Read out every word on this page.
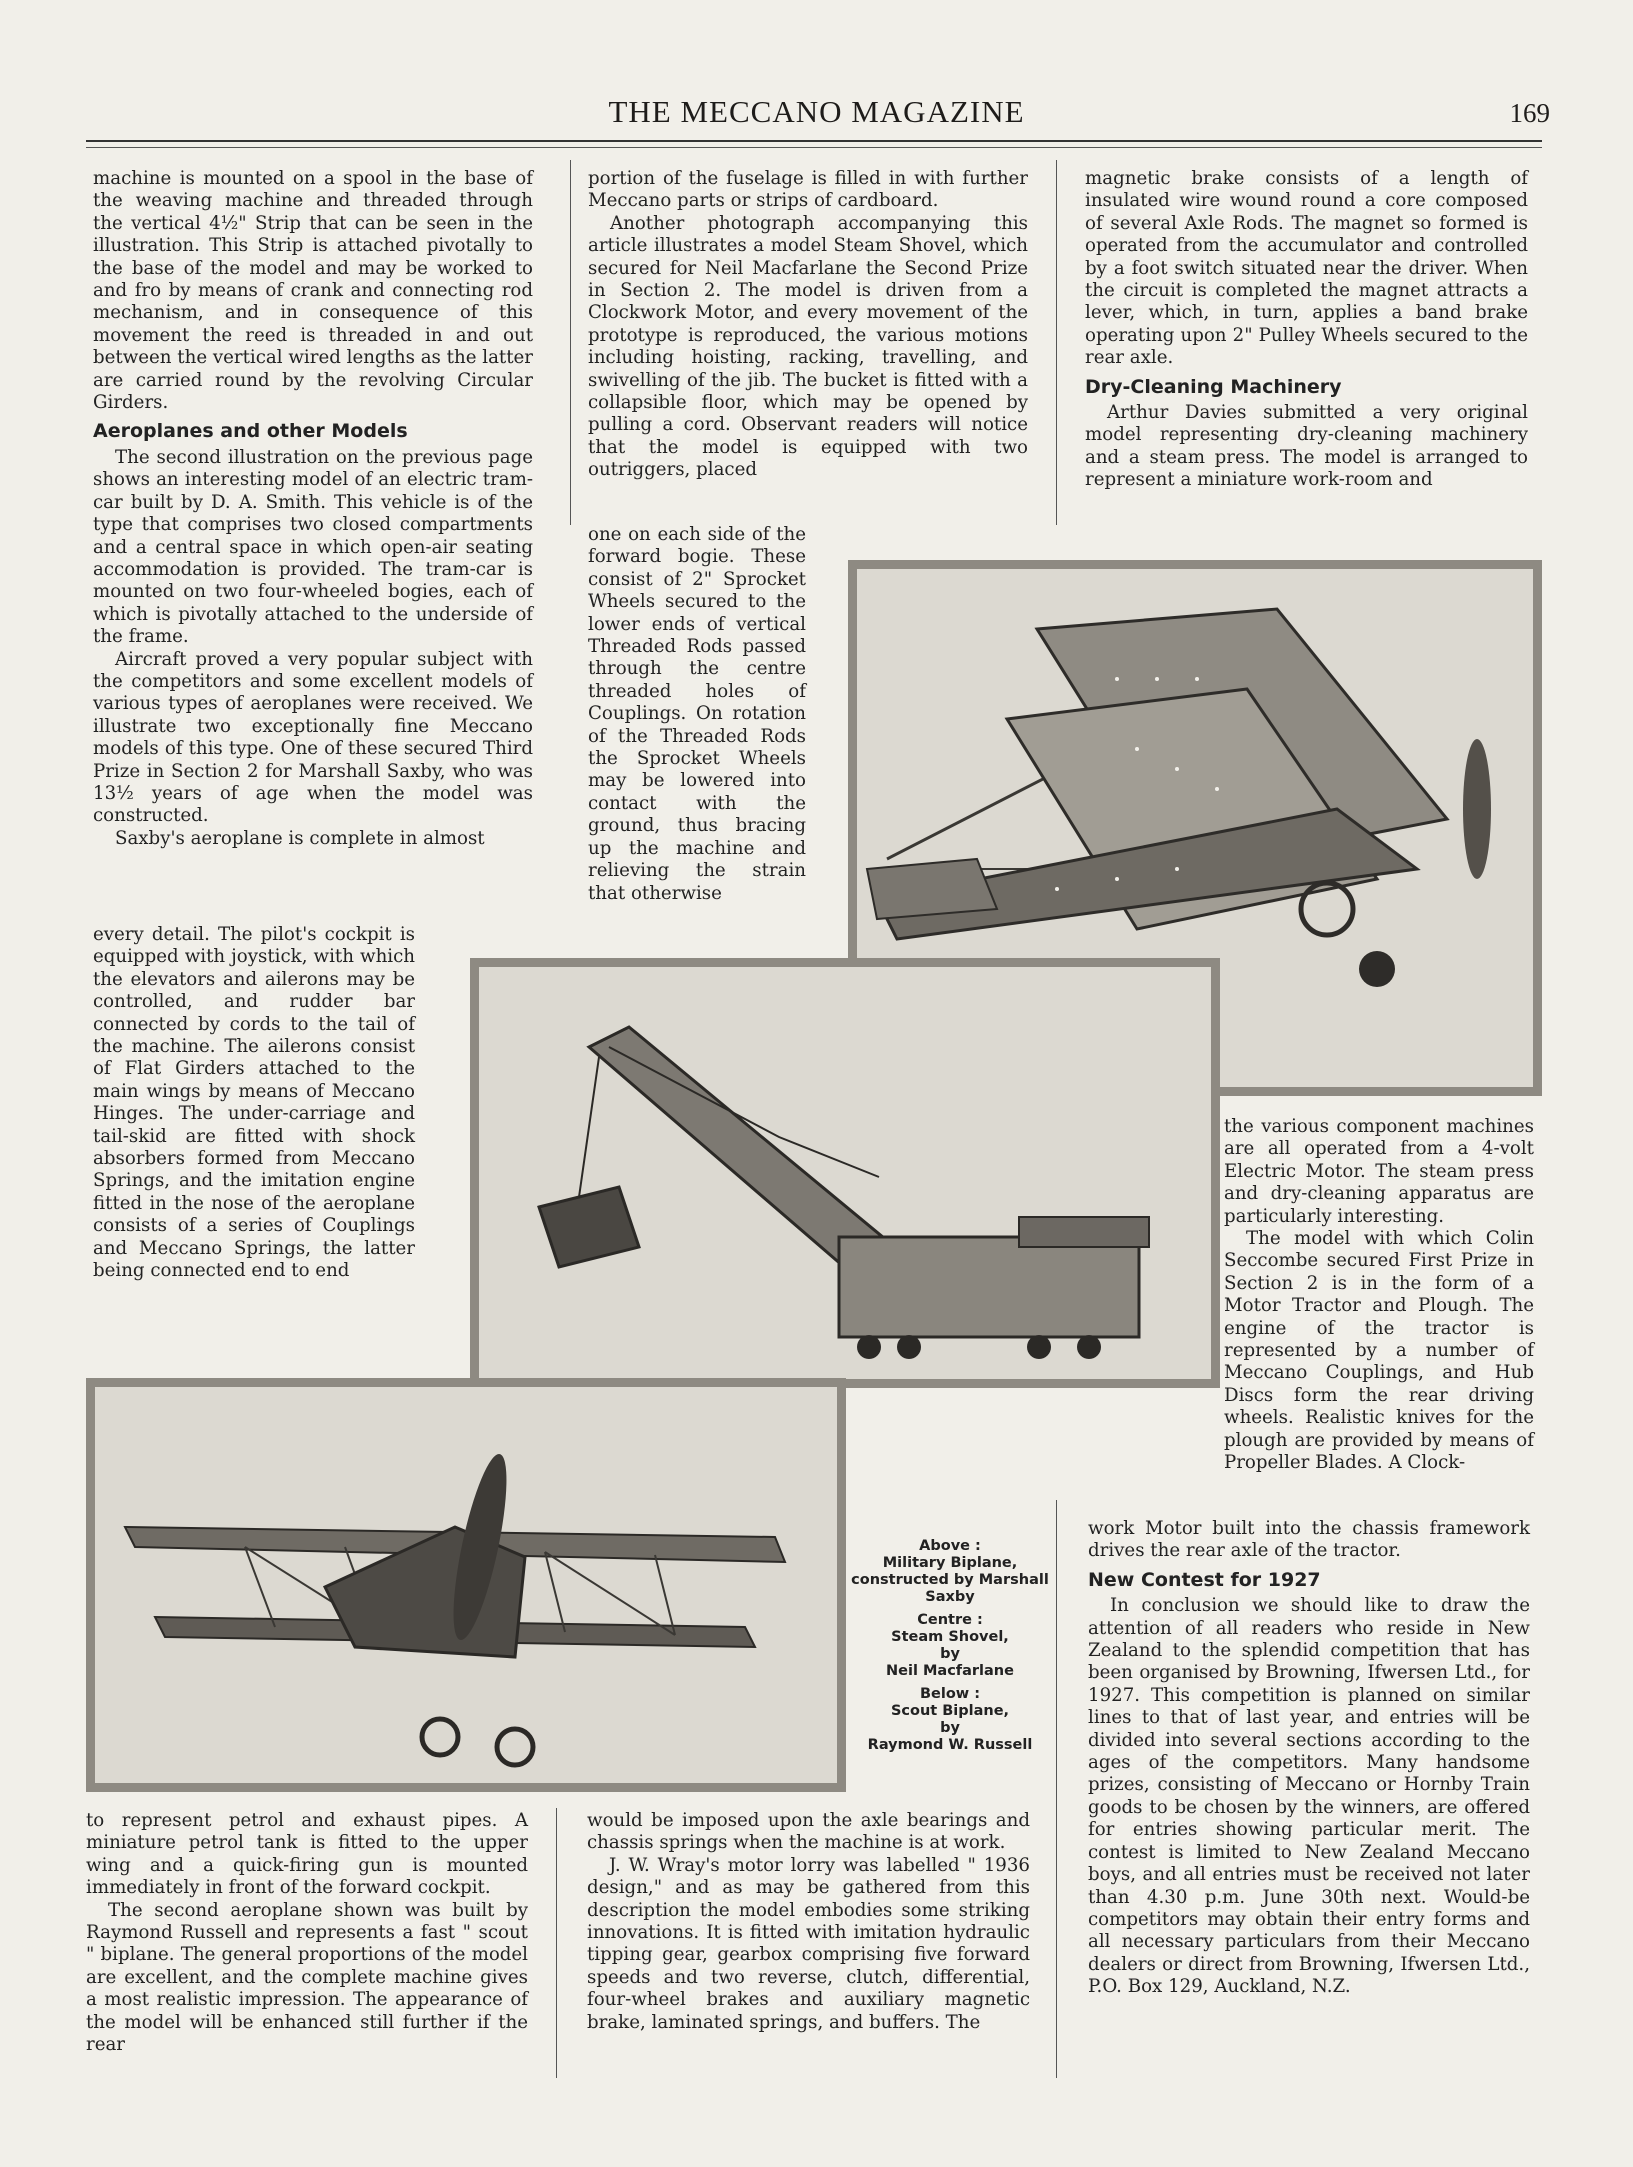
THE MECCANO MAGAZINE	169

machine is mounted on a spool in the base of the weaving machine and threaded through the vertical 4½" Strip that can be seen in the illustration. This Strip is attached pivotally to the base of the model and may be worked to and fro by means of crank and connecting rod mechanism, and in consequence of this movement the reed is threaded in and out between the vertical wired lengths as the latter are carried round by the revolving Circular Girders.

Aeroplanes and other Models

The second illustration on the previous page shows an interesting model of an electric tram-car built by D. A. Smith. This vehicle is of the type that comprises two closed compartments and a central space in which open-air seating accommodation is provided. The tram-car is mounted on two four-wheeled bogies, each of which is pivotally attached to the underside of the frame.

Aircraft proved a very popular subject with the competitors and some excellent models of various types of aeroplanes were received. We illustrate two exceptionally fine Meccano models of this type. One of these secured Third Prize in Section 2 for Marshall Saxby, who was 13½ years of age when the model was constructed.

Saxby's aeroplane is complete in almost

every detail. The pilot's cockpit is equipped with joystick, with which the elevators and ailerons may be controlled, and rudder bar connected by cords to the tail of the machine. The ailerons consist of Flat Girders attached to the main wings by means of Meccano Hinges. The under-carriage and tail-skid are fitted with shock absorbers formed from Meccano Springs, and the imitation engine fitted in the nose of the aeroplane consists of a series of Couplings and Meccano Springs, the latter being connected end to end

portion of the fuselage is filled in with further Meccano parts or strips of cardboard.

Another photograph accompanying this article illustrates a model Steam Shovel, which secured for Neil Macfarlane the Second Prize in Section 2. The model is driven from a Clockwork Motor, and every movement of the prototype is reproduced, the various motions including hoisting, racking, travelling, and swivelling of the jib. The bucket is fitted with a collapsible floor, which may be opened by pulling a cord. Observant readers will notice that the model is equipped with two outriggers, placed

one on each side of the forward bogie. These consist of 2" Sprocket Wheels secured to the lower ends of vertical Threaded Rods passed through the centre threaded holes of Couplings. On rotation of the Threaded Rods the Sprocket Wheels may be lowered into contact with the ground, thus bracing up the machine and relieving the strain that otherwise

magnetic brake consists of a length of insulated wire wound round a core composed of several Axle Rods. The magnet so formed is operated from the accumulator and controlled by a foot switch situated near the driver. When the circuit is completed the magnet attracts a lever, which, in turn, applies a band brake operating upon 2" Pulley Wheels secured to the rear axle.

Dry-Cleaning Machinery

Arthur Davies submitted a very original model representing dry-cleaning machinery and a steam press. The model is arranged to represent a miniature work-room and

the various component machines are all operated from a 4-volt Electric Motor. The steam press and dry-cleaning apparatus are particularly interesting.

The model with which Colin Seccombe secured First Prize in Section 2 is in the form of a Motor Tractor and Plough. The engine of the tractor is represented by a number of Meccano Couplings, and Hub Discs form the rear driving wheels. Realistic knives for the plough are provided by means of Propeller Blades. A Clock-

work Motor built into the chassis framework drives the rear axle of the tractor.

New Contest for 1927

In conclusion we should like to draw the attention of all readers who reside in New Zealand to the splendid competition that has been organised by Browning, Ifwersen Ltd., for 1927. This competition is planned on similar lines to that of last year, and entries will be divided into several sections according to the ages of the competitors. Many handsome prizes, consisting of Meccano or Hornby Train goods to be chosen by the winners, are offered for entries showing particular merit. The contest is limited to New Zealand Meccano boys, and all entries must be received not later than 4.30 p.m. June 30th next. Would-be competitors may obtain their entry forms and all necessary particulars from their Meccano dealers or direct from Browning, Ifwersen Ltd., P.O. Box 129, Auckland, N.Z.

to represent petrol and exhaust pipes. A miniature petrol tank is fitted to the upper wing and a quick-firing gun is mounted immediately in front of the forward cockpit.

The second aeroplane shown was built by Raymond Russell and represents a fast " scout " biplane. The general proportions of the model are excellent, and the complete machine gives a most realistic impression. The appearance of the model will be enhanced still further if the rear

would be imposed upon the axle bearings and chassis springs when the machine is at work.

J. W. Wray's motor lorry was labelled " 1936 design," and as may be gathered from this description the model embodies some striking innovations. It is fitted with imitation hydraulic tipping gear, gearbox comprising five forward speeds and two reverse, clutch, differential, four-wheel brakes and auxiliary magnetic brake, laminated springs, and buffers. The

Above :
Military Biplane, constructed by Marshall Saxby
Centre :
Steam Shovel,
by
Neil Macfarlane
Below :
Scout Biplane,
by
Raymond W. Russell
